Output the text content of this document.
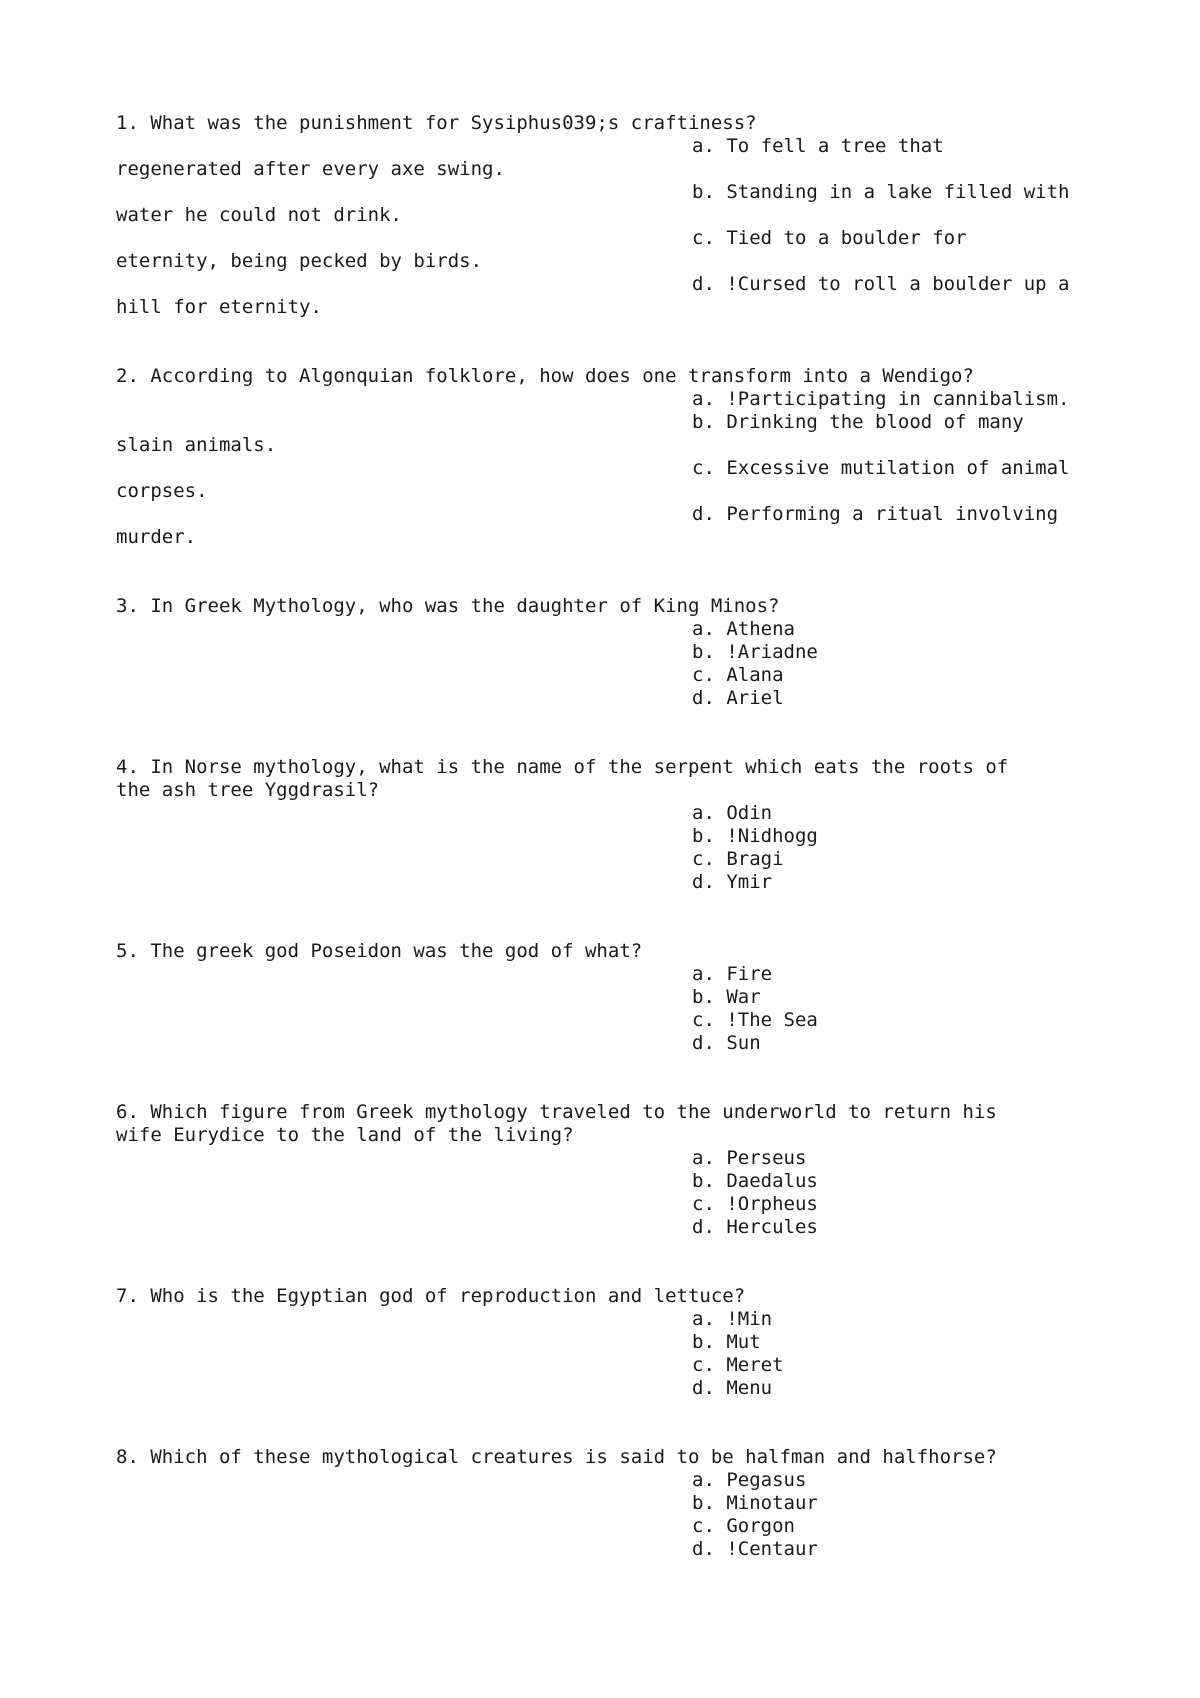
1. What was the punishment for Sysiphus039;s craftiness?
a. To fell a tree that
regenerated after every axe swing.
b. Standing in a lake filled with
water he could not drink.
c. Tied to a boulder for
eternity, being pecked by birds.
d. !Cursed to roll a boulder up a
hill for eternity.
2. According to Algonquian folklore, how does one transform into a Wendigo?
a. !Participating in cannibalism.
b. Drinking the blood of many
slain animals.
c. Excessive mutilation of animal
corpses.
d. Performing a ritual involving
murder.
3. In Greek Mythology, who was the daughter of King Minos?
a. Athena
b. !Ariadne
c. Alana
d. Ariel
4. In Norse mythology, what is the name of the serpent which eats the roots of
the ash tree Yggdrasil?
a. Odin
b. !Nidhogg
c. Bragi
d. Ymir
5. The greek god Poseidon was the god of what?
a. Fire
b. War
c. !The Sea
d. Sun
6. Which figure from Greek mythology traveled to the underworld to return his
wife Eurydice to the land of the living?
a. Perseus
b. Daedalus
c. !Orpheus
d. Hercules
7. Who is the Egyptian god of reproduction and lettuce?
a. !Min
b. Mut
c. Meret
d. Menu
8. Which of these mythological creatures is said to be halfman and halfhorse?
a. Pegasus
b. Minotaur
c. Gorgon
d. !Centaur
